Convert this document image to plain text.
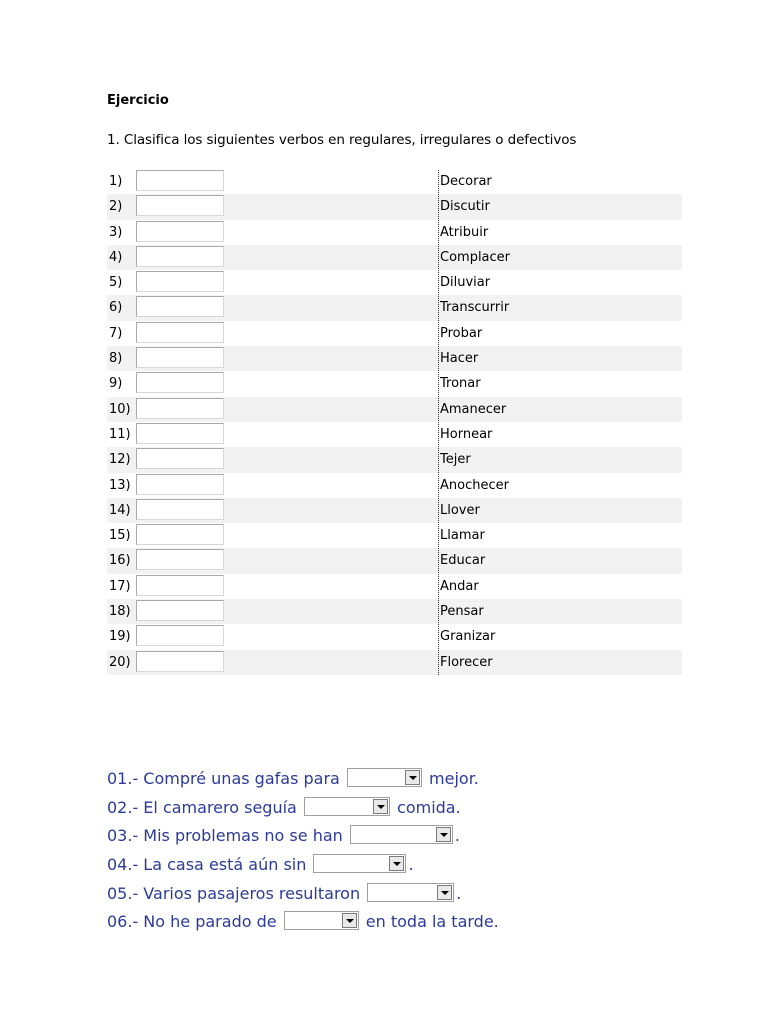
Ejercicio

1. Clasifica los siguientes verbos en regulares, irregulares o defectivos

1)	Decorar
2)	Discutir
3)	Atribuir
4)	Complacer
5)	Diluviar
6)	Transcurrir
7)	Probar
8)	Hacer
9)	Tronar
10)	Amanecer
11)	Hornear
12)	Tejer
13)	Anochecer
14)	Llover
15)	Llamar
16)	Educar
17)	Andar
18)	Pensar
19)	Granizar
20)	Florecer
01.- Compré unas gafas para	mejor.
02.- El camarero seguía	comida.
03.- Mis problemas no se han	.
04.- La casa está aún sin	.
05.- Varios pasajeros resultaron	.
06.- No he parado de	en toda la tarde.
